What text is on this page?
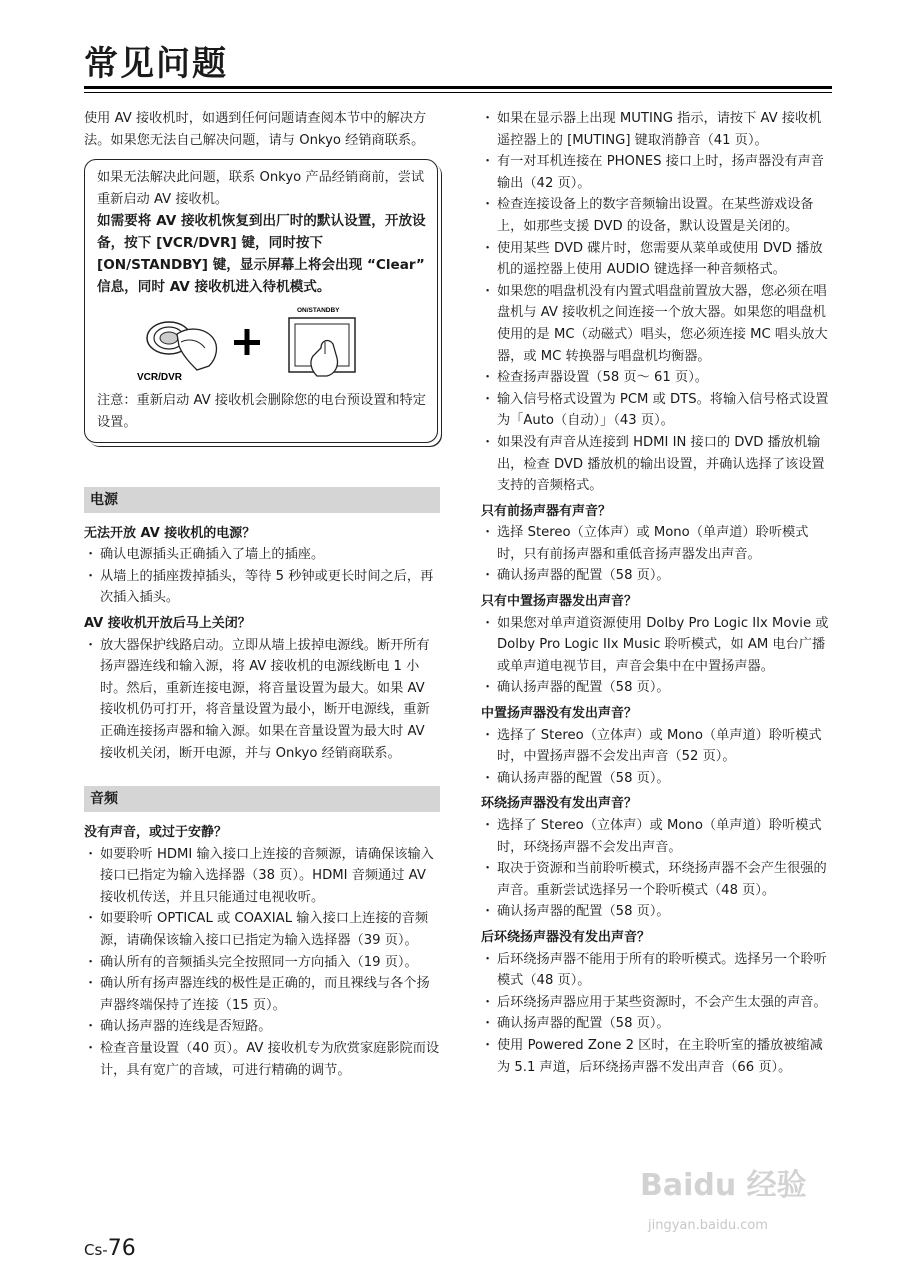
常见问题

使用 AV 接收机时，如遇到任何问题请查阅本节中的解决方法。如果您无法自己解决问题，请与 Onkyo 经销商联系。

如果无法解决此问题，联系 Onkyo 产品经销商前，尝试重新启动 AV 接收机。

如需要将 AV 接收机恢复到出厂时的默认设置，开放设备，按下 [VCR/DVR] 键，同时按下 [ON/STANDBY] 键，显示屏幕上将会出现 “Clear” 信息，同时 AV 接收机进入待机模式。

VCR/DVR
ON/STANDBY

注意：重新启动 AV 接收机会删除您的电台预设置和特定设置。

电源

无法开放 AV 接收机的电源？

・ 确认电源插头正确插入了墙上的插座。
・ 从墙上的插座拨掉插头，等待 5 秒钟或更长时间之后，再次插入插头。

AV 接收机开放后马上关闭？

・ 放大器保护线路启动。立即从墙上拔掉电源线。断开所有扬声器连线和输入源，将 AV 接收机的电源线断电 1 小时。然后，重新连接电源，将音量设置为最大。如果 AV 接收机仍可打开，将音量设置为最小，断开电源线，重新正确连接扬声器和输入源。如果在音量设置为最大时 AV 接收机关闭，断开电源，并与 Onkyo 经销商联系。
音频

没有声音，或过于安静？

・ 如要聆听 HDMI 输入接口上连接的音频源，请确保该输入接口已指定为输入选择器（38 页）。HDMI 音频通过 AV 接收机传送，并且只能通过电视收听。
・ 如要聆听 OPTICAL 或 COAXIAL 输入接口上连接的音频源，请确保该输入接口已指定为输入选择器（39 页）。
・ 确认所有的音频插头完全按照同一方向插入（19 页）。
・ 确认所有扬声器连线的极性是正确的，而且裸线与各个扬声器终端保持了连接（15 页）。
・ 确认扬声器的连线是否短路。
・ 检查音量设置（40 页）。AV 接收机专为欣赏家庭影院而设计，具有宽广的音域，可进行精确的调节。
・ 如果在显示器上出现 MUTING 指示，请按下 AV 接收机遥控器上的 [MUTING] 键取消静音（41 页）。
・ 有一对耳机连接在 PHONES 接口上时，扬声器没有声音输出（42 页）。
・ 检查连接设备上的数字音频输出设置。在某些游戏设备上，如那些支援 DVD 的设备，默认设置是关闭的。
・ 使用某些 DVD 碟片时，您需要从菜单或使用 DVD 播放机的遥控器上使用 AUDIO 键选择一种音频格式。
・ 如果您的唱盘机没有内置式唱盘前置放大器，您必须在唱盘机与 AV 接收机之间连接一个放大器。如果您的唱盘机使用的是 MC（动磁式）唱头，您必须连接 MC 唱头放大器，或 MC 转换器与唱盘机均衡器。
・ 检查扬声器设置（58 页～ 61 页）。
・ 输入信号格式设置为 PCM 或 DTS。将输入信号格式设置为「Auto（自动）」（43 页）。
・ 如果没有声音从连接到 HDMI IN 接口的 DVD 播放机输出，检查 DVD 播放机的输出设置，并确认选择了该设置支持的音频格式。

只有前扬声器有声音？

・ 选择 Stereo（立体声）或 Mono（单声道）聆听模式时，只有前扬声器和重低音扬声器发出声音。
・ 确认扬声器的配置（58 页）。

只有中置扬声器发出声音？

・ 如果您对单声道资源使用 Dolby Pro Logic IIx Movie 或 Dolby Pro Logic IIx Music 聆听模式，如 AM 电台广播或单声道电视节目，声音会集中在中置扬声器。
・ 确认扬声器的配置（58 页）。

中置扬声器没有发出声音？

・ 选择了 Stereo（立体声）或 Mono（单声道）聆听模式时，中置扬声器不会发出声音（52 页）。
・ 确认扬声器的配置（58 页）。

环绕扬声器没有发出声音？

・ 选择了 Stereo（立体声）或 Mono（单声道）聆听模式时，环绕扬声器不会发出声音。
・ 取决于资源和当前聆听模式，环绕扬声器不会产生很强的声音。重新尝试选择另一个聆听模式（48 页）。
・ 确认扬声器的配置（58 页）。

后环绕扬声器没有发出声音？

・ 后环绕扬声器不能用于所有的聆听模式。选择另一个聆听模式（48 页）。
・ 后环绕扬声器应用于某些资源时，不会产生太强的声音。
・ 确认扬声器的配置（58 页）。
・ 使用 Powered Zone 2 区时，在主聆听室的播放被缩减为 5.1 声道，后环绕扬声器不发出声音（66 页）。
Cs-76
Baidu 经验
jingyan.baidu.com
